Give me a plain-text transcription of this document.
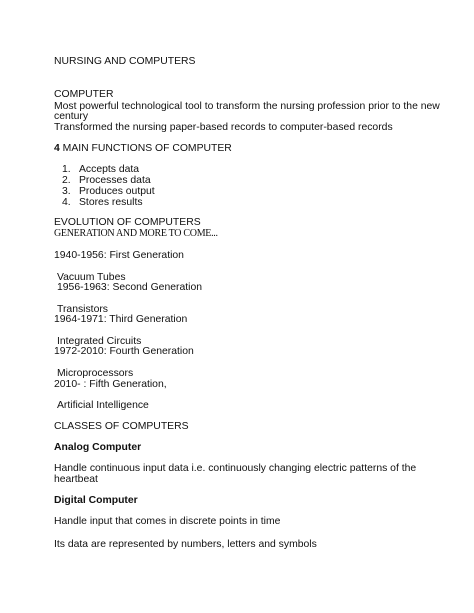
NURSING AND COMPUTERS
COMPUTER
Most powerful technological tool to transform the nursing profession prior to the new
century
Transformed the nursing paper-based records to computer-based records
4 MAIN FUNCTIONS OF COMPUTER
1. Accepts data
2. Processes data
3. Produces output
4. Stores results
EVOLUTION OF COMPUTERS
GENERATION AND MORE TO COME...
1940-1956: First Generation
Vacuum Tubes
1956-1963: Second Generation
Transistors
1964-1971: Third Generation
Integrated Circuits
1972-2010: Fourth Generation
Microprocessors
2010- : Fifth Generation,
Artificial Intelligence
CLASSES OF COMPUTERS
Analog Computer
Handle continuous input data i.e. continuously changing electric patterns of the
heartbeat
Digital Computer
Handle input that comes in discrete points in time
Its data are represented by numbers, letters and symbols
